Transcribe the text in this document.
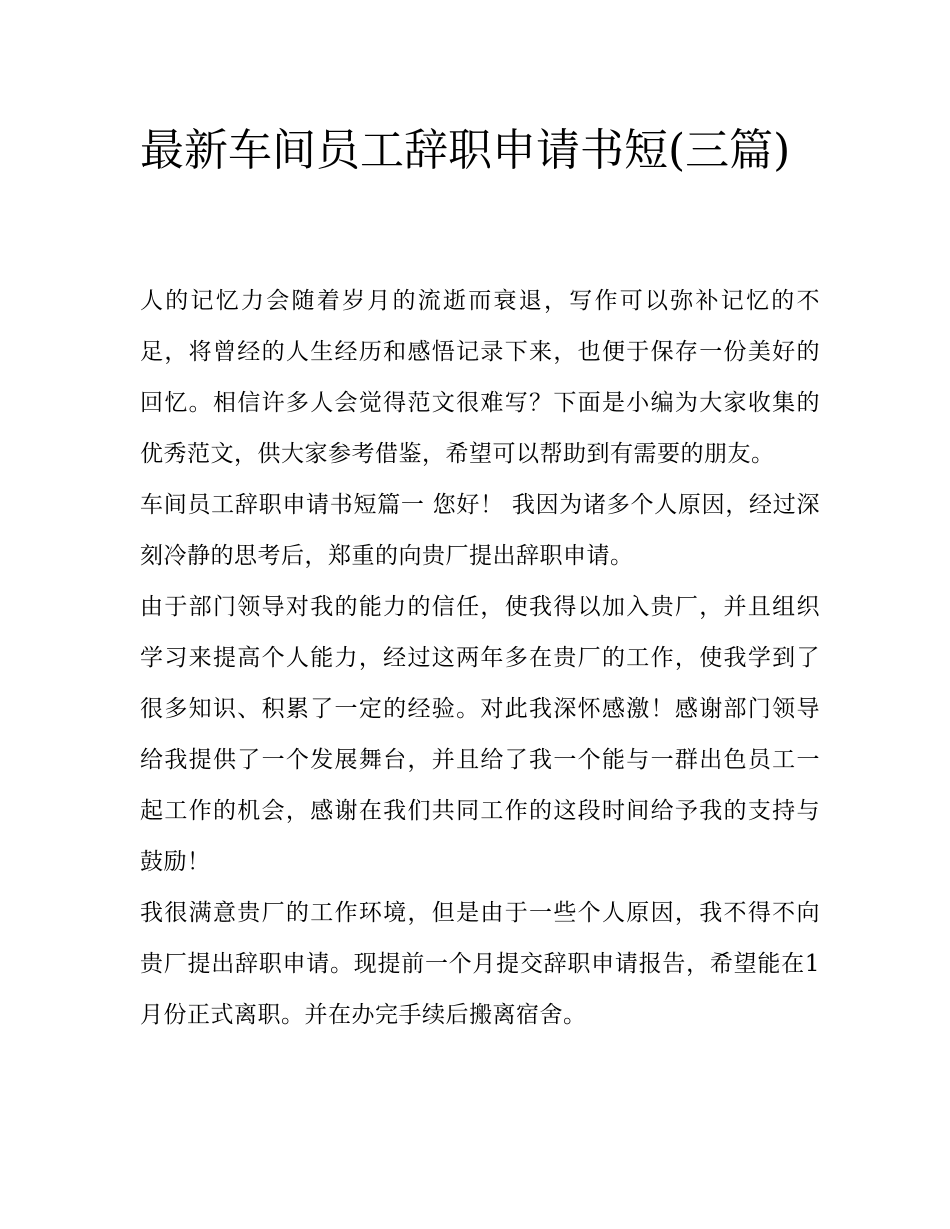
最新车间员工辞职申请书短(三篇)

人的记忆力会随着岁月的流逝而衰退，写作可以弥补记忆的不足，将曾经的人生经历和感悟记录下来，也便于保存一份美好的回忆。相信许多人会觉得范文很难写？下面是小编为大家收集的优秀范文，供大家参考借鉴，希望可以帮助到有需要的朋友。

车间员工辞职申请书短篇一 您好！ 我因为诸多个人原因，经过深刻冷静的思考后，郑重的向贵厂提出辞职申请。

由于部门领导对我的能力的信任，使我得以加入贵厂，并且组织学习来提高个人能力，经过这两年多在贵厂的工作，使我学到了很多知识、积累了一定的经验。对此我深怀感激！感谢部门领导给我提供了一个发展舞台，并且给了我一个能与一群出色员工一起工作的机会，感谢在我们共同工作的这段时间给予我的支持与鼓励！

我很满意贵厂的工作环境，但是由于一些个人原因，我不得不向贵厂提出辞职申请。现提前一个月提交辞职申请报告，希望能在1月份正式离职。并在办完手续后搬离宿舍。
